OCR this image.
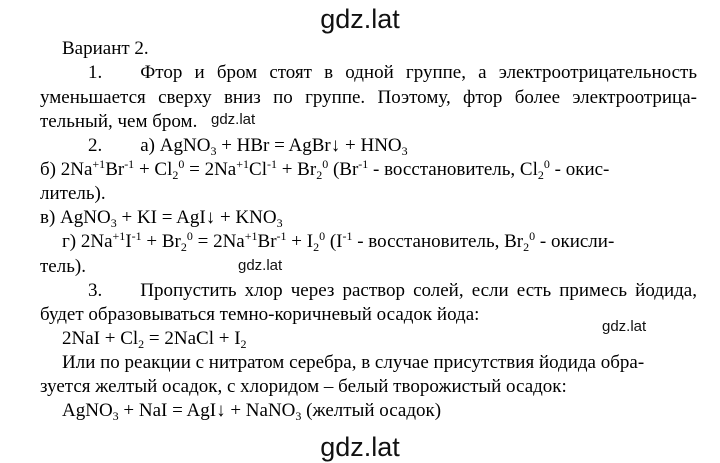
gdz.lat
Вариант 2.
1. Фтор и бром стоят в одной группе, а электроотрицательность
уменьшается сверху вниз по группе. Поэтому, фтор более электроотрица-
тельный, чем бром. gdz.lat
2. а) AgNO$_3$ + HBr = AgBr↓ + $HNO_3$
б) $2Na^{+1}Br^{-1} + Cl_2^0 = 2Na^{+1}Cl^{-1} + Br_2^0$ ($Br^{-1}$ - восстановитель, $Cl_2^0$ - окис-
литель).
в) AgNO$_3$ + KI = AgI↓ + $KNO_3$
г) $2Na^{+1}I^{-1} + Br_2^0 = 2Na^{+1}Br^{-1} + I_2^0$ ($I^{-1}$ - восстановитель, $Br_2^0$ - окисли-
тель).	gdz.lat
3. Пропустить хлор через раствор солей, если есть примесь йодида,
будет образовываться темно-коричневый осадок йода:
$2NaI + Cl_2$ = 2NaCl + $I_2$
gdz.lat
Или по реакции с нитратом серебра, в случае присутствия йодида обра-
зуется желтый осадок, с хлоридом – белый творожистый осадок:
AgNO$_3$ + NaI = AgI↓ + NaNO$_3$ (желтый осадок)
gdz.lat
